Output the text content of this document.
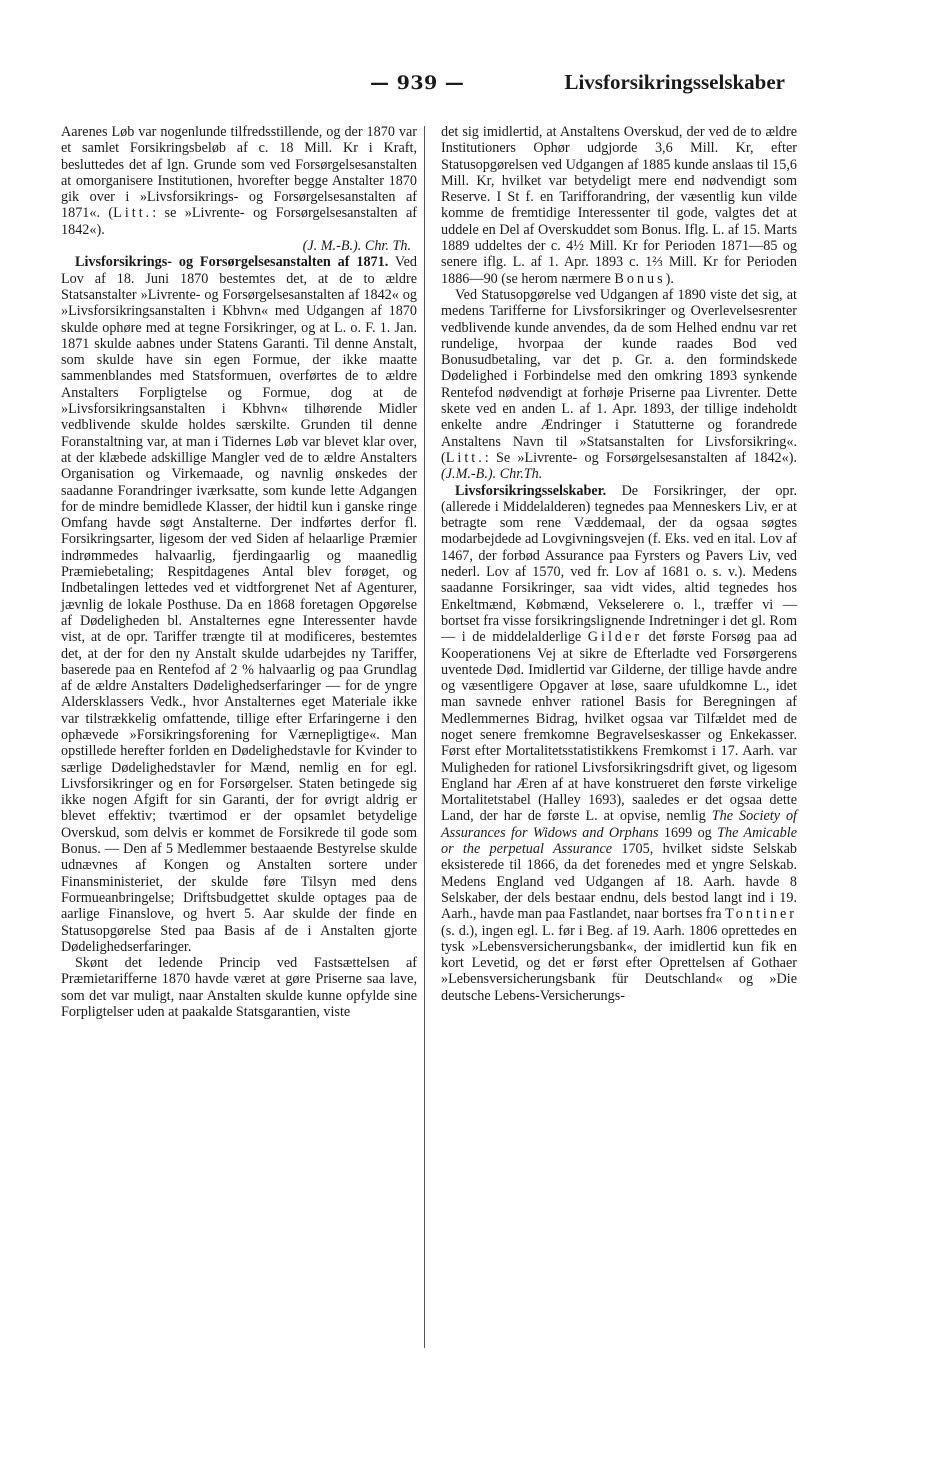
— 939 —	Livsforsikringsselskaber

Aarenes Løb var nogenlunde tilfredsstillende, og der 1870 var et samlet Forsikringsbeløb af c. 18 Mill. Kr i Kraft, besluttedes det af lgn. Grunde som ved Forsørgelsesanstalten at omorganisere Institutionen, hvorefter begge Anstalter 1870 gik over i »Livsforsikrings- og Forsørgelsesanstalten af 1871«. (Litt.: se »Livrente- og Forsørgelsesanstalten af 1842«).

(J. M.-B.). Chr. Th.

Livsforsikrings- og Forsørgelsesanstalten af 1871. Ved Lov af 18. Juni 1870 bestemtes det, at de to ældre Statsanstalter »Livrente- og Forsørgelsesanstalten af 1842« og »Livsforsikringsanstalten i Kbhvn« med Udgangen af 1870 skulde ophøre med at tegne Forsikringer, og at L. o. F. 1. Jan. 1871 skulde aabnes under Statens Garanti. Til denne Anstalt, som skulde have sin egen Formue, der ikke maatte sammenblandes med Statsformuen, overførtes de to ældre Anstalters Forpligtelse og Formue, dog at de »Livsforsikringsanstalten i Kbhvn« tilhørende Midler vedblivende skulde holdes særskilte. Grunden til denne Foranstaltning var, at man i Tidernes Løb var blevet klar over, at der klæbede adskillige Mangler ved de to ældre Anstalters Organisation og Virkemaade, og navnlig ønskedes der saadanne Forandringer iværksatte, som kunde lette Adgangen for de mindre bemidlede Klasser, der hidtil kun i ganske ringe Omfang havde søgt Anstalterne. Der indførtes derfor fl. Forsikringsarter, ligesom der ved Siden af helaarlige Præmier indrømmedes halvaarlig, fjerdingaarlig og maanedlig Præmiebetaling; Respitdagenes Antal blev forøget, og Indbetalingen lettedes ved et vidtforgrenet Net af Agenturer, jævnlig de lokale Posthuse. Da en 1868 foretagen Opgørelse af Dødeligheden bl. Anstalternes egne Interessenter havde vist, at de opr. Tariffer trængte til at modificeres, bestemtes det, at der for den ny Anstalt skulde udarbejdes ny Tariffer, baserede paa en Rentefod af 2 % halvaarlig og paa Grundlag af de ældre Anstalters Dødelighedserfaringer — for de yngre Aldersklassers Vedk., hvor Anstalternes eget Materiale ikke var tilstrækkelig omfattende, tillige efter Erfaringerne i den ophævede »Forsikringsforening for Værnepligtige«. Man opstillede herefter forlden en Dødelighedstavle for Kvinder to særlige Dødelighedstavler for Mænd, nemlig en for egl. Livsforsikringer og en for Forsørgelser. Staten betingede sig ikke nogen Afgift for sin Garanti, der for øvrigt aldrig er blevet effektiv; tværtimod er der opsamlet betydelige Overskud, som delvis er kommet de Forsikrede til gode som Bonus. — Den af 5 Medlemmer bestaaende Bestyrelse skulde udnævnes af Kongen og Anstalten sortere under Finansministeriet, der skulde føre Tilsyn med dens Formueanbringelse; Driftsbudgettet skulde optages paa de aarlige Finanslove, og hvert 5. Aar skulde der finde en Statusopgørelse Sted paa Basis af de i Anstalten gjorte Dødelighedserfaringer.

Skønt det ledende Princip ved Fastsættelsen af Præmietarifferne 1870 havde været at gøre Priserne saa lave, som det var muligt, naar Anstalten skulde kunne opfylde sine Forpligtelser uden at paakalde Statsgarantien, viste

det sig imidlertid, at Anstaltens Overskud, der ved de to ældre Institutioners Ophør udgjorde 3,6 Mill. Kr, efter Statusopgørelsen ved Udgangen af 1885 kunde anslaas til 15,6 Mill. Kr, hvilket var betydeligt mere end nødvendigt som Reserve. I St f. en Tarifforandring, der væsentlig kun vilde komme de fremtidige Interessenter til gode, valgtes det at uddele en Del af Overskuddet som Bonus. Iflg. L. af 15. Marts 1889 uddeltes der c. 4½ Mill. Kr for Perioden 1871—85 og senere iflg. L. af 1. Apr. 1893 c. 1⅔ Mill. Kr for Perioden 1886—90 (se herom nærmere Bonus).

Ved Statusopgørelse ved Udgangen af 1890 viste det sig, at medens Tarifferne for Livsforsikringer og Overlevelsesrenter vedblivende kunde anvendes, da de som Helhed endnu var ret rundelige, hvorpaa der kunde raades Bod ved Bonusudbetaling, var det p. Gr. a. den formindskede Dødelighed i Forbindelse med den omkring 1893 synkende Rentefod nødvendigt at forhøje Priserne paa Livrenter. Dette skete ved en anden L. af 1. Apr. 1893, der tillige indeholdt enkelte andre Ændringer i Statutterne og forandrede Anstaltens Navn til »Statsanstalten for Livsforsikring«. (Litt.: Se »Livrente- og Forsørgelsesanstalten af 1842«). (J.M.-B.). Chr.Th.

Livsforsikringsselskaber. De Forsikringer, der opr. (allerede i Middelalderen) tegnedes paa Menneskers Liv, er at betragte som rene Væddemaal, der da ogsaa søgtes modarbejdede ad Lovgivningsvejen (f. Eks. ved en ital. Lov af 1467, der forbød Assurance paa Fyrsters og Pavers Liv, ved nederl. Lov af 1570, ved fr. Lov af 1681 o. s. v.). Medens saadanne Forsikringer, saa vidt vides, altid tegnedes hos Enkeltmænd, Købmænd, Vekselerere o. l., træffer vi — bortset fra visse forsikringslignende Indretninger i det gl. Rom — i de middelalderlige Gilder det første Forsøg paa ad Kooperationens Vej at sikre de Efterladte ved Forsørgerens uventede Død. Imidlertid var Gilderne, der tillige havde andre og væsentligere Opgaver at løse, saare ufuldkomne L., idet man savnede enhver rationel Basis for Beregningen af Medlemmernes Bidrag, hvilket ogsaa var Tilfældet med de noget senere fremkomne Begravelseskasser og Enkekasser. Først efter Mortalitetsstatistikkens Fremkomst i 17. Aarh. var Muligheden for rationel Livsforsikringsdrift givet, og ligesom England har Æren af at have konstrueret den første virkelige Mortalitetstabel (Halley 1693), saaledes er det ogsaa dette Land, der har de første L. at opvise, nemlig The Society of Assurances for Widows and Orphans 1699 og The Amicable or the perpetual Assurance 1705, hvilket sidste Selskab eksisterede til 1866, da det forenedes med et yngre Selskab. Medens England ved Udgangen af 18. Aarh. havde 8 Selskaber, der dels bestaar endnu, dels bestod langt ind i 19. Aarh., havde man paa Fastlandet, naar bortses fra Tontiner (s. d.), ingen egl. L. før i Beg. af 19. Aarh. 1806 oprettedes en tysk »Lebensversicherungsbank«, der imidlertid kun fik en kort Levetid, og det er først efter Oprettelsen af Gothaer »Lebensversicherungsbank für Deutschland« og »Die deutsche Lebens-Versicherungs-
